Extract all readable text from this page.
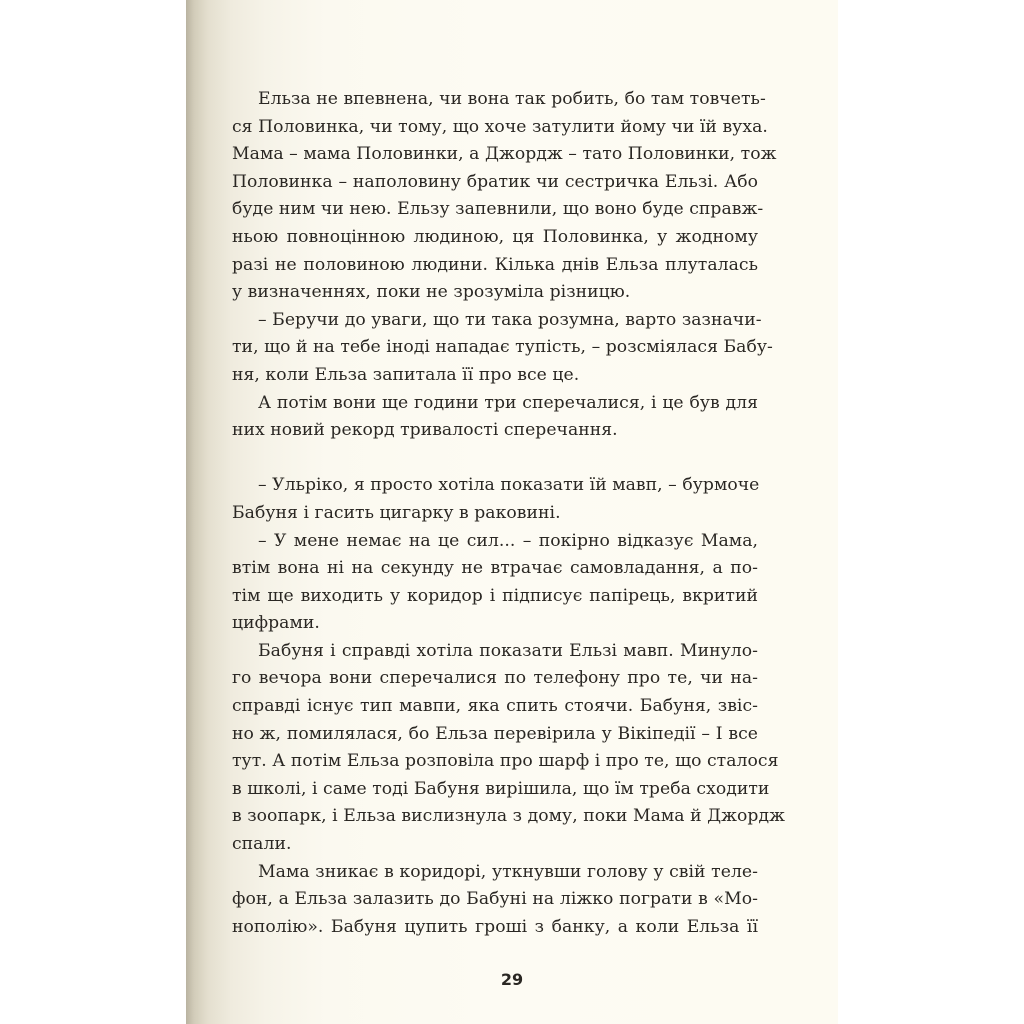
Ельза не впевнена, чи вона так робить, бо там товчеть-
ся Половинка, чи тому, що хоче затулити йому чи їй вуха.
Мама – мама Половинки, а Джордж – тато Половинки, тож
Половинка – наполовину братик чи сестричка Ельзі. Або
буде ним чи нею. Ельзу запевнили, що воно буде справж-
ньою повноцінною людиною, ця Половинка, у жодному
разі не половиною людини. Кілька днів Ельза плуталась
у визначеннях, поки не зрозуміла різницю.
– Беручи до уваги, що ти така розумна, варто зазначи-
ти, що й на тебе іноді нападає тупість, – розсміялася Бабу-
ня, коли Ельза запитала її про все це.
А потім вони ще години три сперечалися, і це був для
них новий рекорд тривалості сперечання.
– Ульріко, я просто хотіла показати їй мавп, – бурмоче
Бабуня і гасить цигарку в раковині.
– У мене немає на це сил... – покірно відказує Мама,
втім вона ні на секунду не втрачає самовладання, а по-
тім ще виходить у коридор і підписує папірець, вкритий
цифрами.
Бабуня і справді хотіла показати Ельзі мавп. Минуло-
го вечора вони сперечалися по телефону про те, чи на-
справді існує тип мавпи, яка спить стоячи. Бабуня, звіс-
но ж, помилялася, бо Ельза перевірила у Вікіпедії – І все
тут. А потім Ельза розповіла про шарф і про те, що сталося
в школі, і саме тоді Бабуня вирішила, що їм треба сходити
в зоопарк, і Ельза вислизнула з дому, поки Мама й Джордж
спали.
Мама зникає в коридорі, уткнувши голову у свій теле-
фон, а Ельза залазить до Бабуні на ліжко пограти в «Мо-
нополію». Бабуня цупить гроші з банку, а коли Ельза її
29
